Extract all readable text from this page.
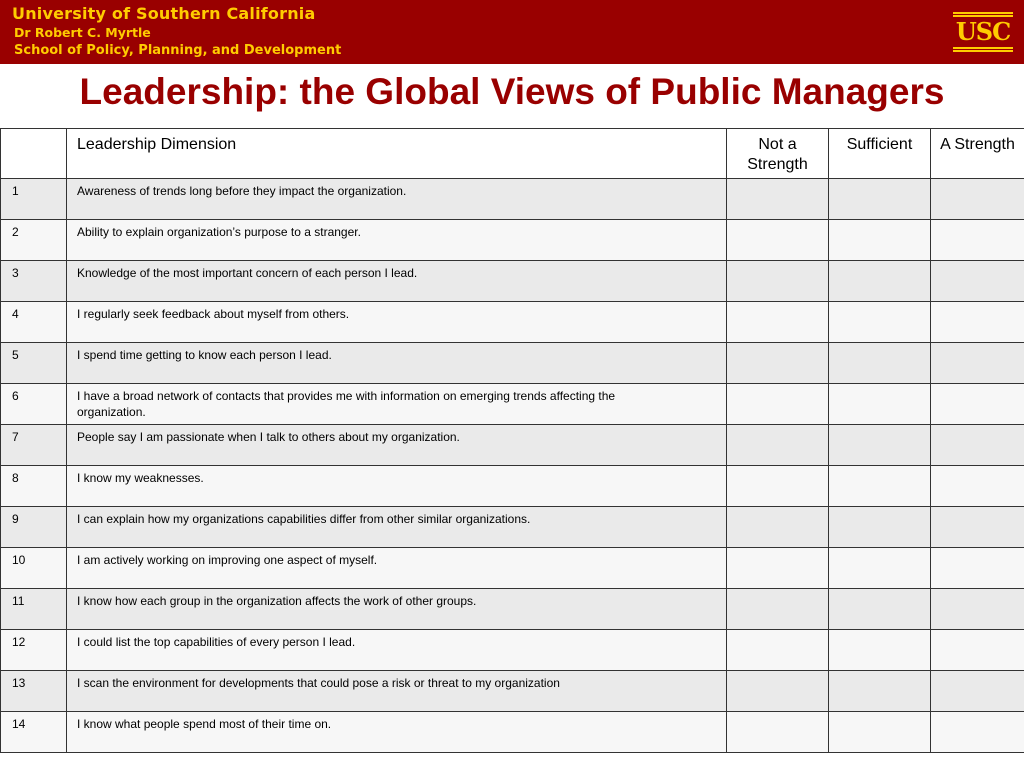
University of Southern California
Dr Robert C. Myrtle
School of Policy, Planning, and Development
USC
Leadership: the Global Views of Public Managers
	Leadership Dimension	Not a Strength	Sufficient	A Strength
1	Awareness of trends long before they impact the organization.			
2	Ability to explain organization’s purpose to a stranger.			
3	Knowledge of the most important concern of each person I lead.			
4	I regularly seek feedback about myself from others.			
5	I spend time getting to know each person I lead.			
6	I have a broad network of contacts that provides me with information on emerging trends affecting the organization.			
7	People say I am passionate when I talk to others about my organization.			
8	I know my weaknesses.			
9	I can explain how my organizations capabilities differ from other similar organizations.			
10	I am actively working on improving one aspect of myself.			
11	I know how each group in the organization affects the work of other groups.			
12	I could list the top capabilities of every person I lead.			
13	I scan the environment for developments that could pose a risk or threat to my organization			
14	I know what people spend most of their time on.			
